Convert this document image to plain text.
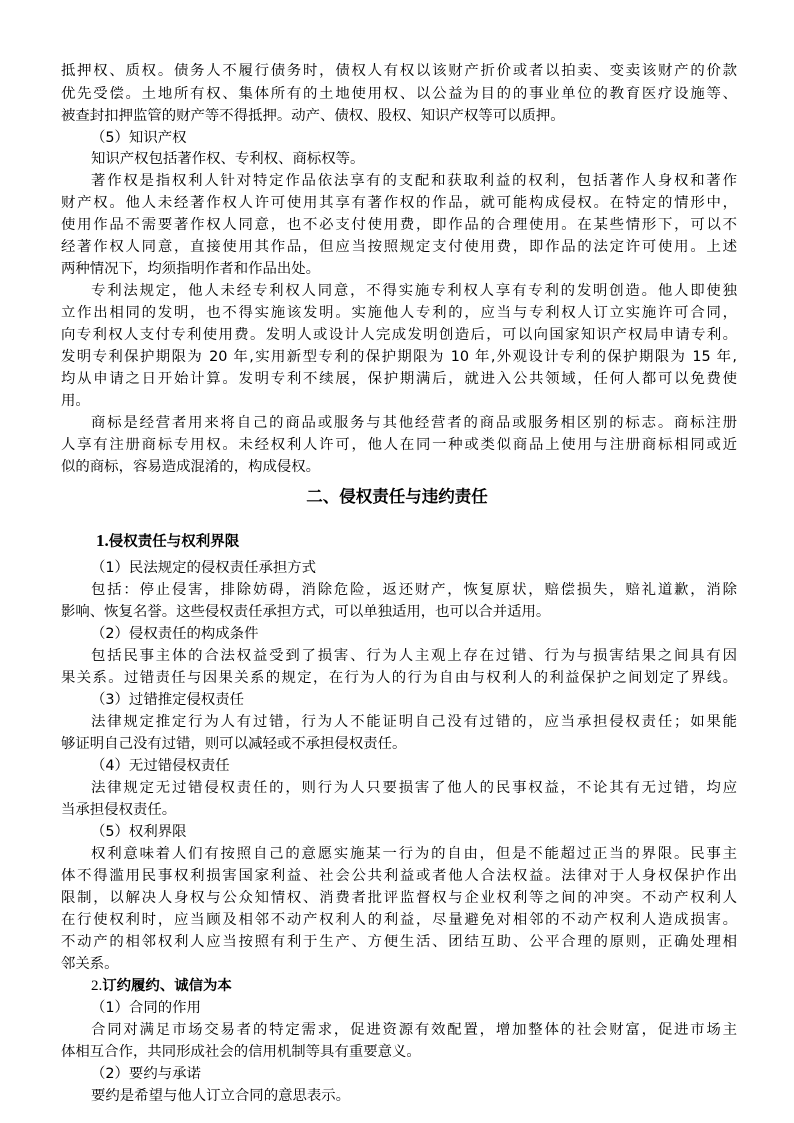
抵押权、质权。债务人不履行债务时，债权人有权以该财产折价或者以拍卖、变卖该财产的价款
优先受偿。土地所有权、集体所有的土地使用权、以公益为目的的事业单位的教育医疗设施等、
被查封扣押监管的财产等不得抵押。动产、债权、股权、知识产权等可以质押。
（5）知识产权
知识产权包括著作权、专利权、商标权等。
著作权是指权利人针对特定作品依法享有的支配和获取利益的权利，包括著作人身权和著作
财产权。他人未经著作权人许可使用其享有著作权的作品，就可能构成侵权。在特定的情形中，
使用作品不需要著作权人同意，也不必支付使用费，即作品的合理使用。在某些情形下，可以不
经著作权人同意，直接使用其作品，但应当按照规定支付使用费，即作品的法定许可使用。上述
两种情况下，均须指明作者和作品出处。
专利法规定，他人未经专利权人同意，不得实施专利权人享有专利的发明创造。他人即使独
立作出相同的发明，也不得实施该发明。实施他人专利的，应当与专利权人订立实施许可合同，
向专利权人支付专利使用费。发明人或设计人完成发明创造后，可以向国家知识产权局申请专利。
发明专利保护期限为 20 年,实用新型专利的保护期限为 10 年,外观设计专利的保护期限为 15 年,
均从申请之日开始计算。发明专利不续展，保护期满后，就进入公共领域，任何人都可以免费使
用。
商标是经营者用来将自己的商品或服务与其他经营者的商品或服务相区别的标志。商标注册
人享有注册商标专用权。未经权利人许可，他人在同一种或类似商品上使用与注册商标相同或近
似的商标，容易造成混淆的，构成侵权。
二、侵权责任与违约责任
1.侵权责任与权利界限
（1）民法规定的侵权责任承担方式
包括：停止侵害，排除妨碍，消除危险，返还财产，恢复原状，赔偿损失，赔礼道歉，消除
影响、恢复名誉。这些侵权责任承担方式，可以单独适用，也可以合并适用。
（2）侵权责任的构成条件
包括民事主体的合法权益受到了损害、行为人主观上存在过错、行为与损害结果之间具有因
果关系。过错责任与因果关系的规定，在行为人的行为自由与权利人的利益保护之间划定了界线。
（3）过错推定侵权责任
法律规定推定行为人有过错，行为人不能证明自己没有过错的，应当承担侵权责任；如果能
够证明自己没有过错，则可以减轻或不承担侵权责任。
（4）无过错侵权责任
法律规定无过错侵权责任的，则行为人只要损害了他人的民事权益，不论其有无过错，均应
当承担侵权责任。
（5）权利界限
权利意味着人们有按照自己的意愿实施某一行为的自由，但是不能超过正当的界限。民事主
体不得滥用民事权利损害国家利益、社会公共利益或者他人合法权益。法律对于人身权保护作出
限制，以解决人身权与公众知情权、消费者批评监督权与企业权利等之间的冲突。不动产权利人
在行使权利时，应当顾及相邻不动产权利人的利益，尽量避免对相邻的不动产权利人造成损害。
不动产的相邻权利人应当按照有利于生产、方便生活、团结互助、公平合理的原则，正确处理相
邻关系。
2.订约履约、诚信为本
（1）合同的作用
合同对满足市场交易者的特定需求，促进资源有效配置，增加整体的社会财富，促进市场主
体相互合作，共同形成社会的信用机制等具有重要意义。
（2）要约与承诺
要约是希望与他人订立合同的意思表示。
